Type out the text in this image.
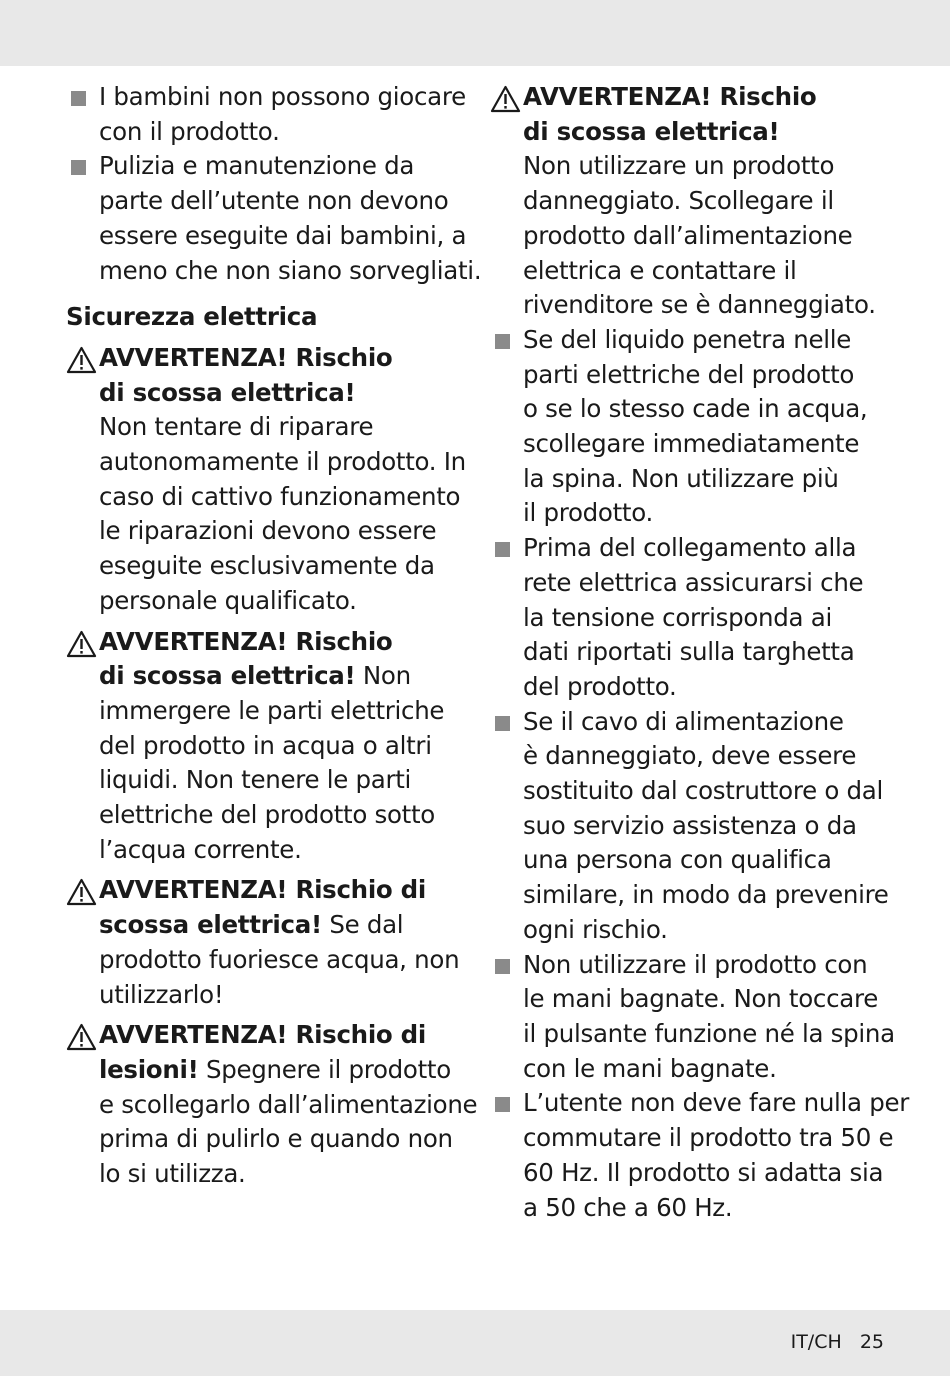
I bambini non possono giocare
con il prodotto.
Pulizia e manutenzione da
parte dell’utente non devono
essere eseguite dai bambini, a
meno che non siano sorvegliati.
Sicurezza elettrica
AVVERTENZA! Rischio
di scossa elettrica!
Non tentare di riparare
autonomamente il prodotto. In
caso di cattivo funzionamento
le riparazioni devono essere
eseguite esclusivamente da
personale qualificato.
AVVERTENZA! Rischio
di scossa elettrica! Non
immergere le parti elettriche
del prodotto in acqua o altri
liquidi. Non tenere le parti
elettriche del prodotto sotto
l’acqua corrente.
AVVERTENZA! Rischio di
scossa elettrica! Se dal
prodotto fuoriesce acqua, non
utilizzarlo!
AVVERTENZA! Rischio di
lesioni! Spegnere il prodotto
e scollegarlo dall’alimentazione
prima di pulirlo e quando non
lo si utilizza.
AVVERTENZA! Rischio
di scossa elettrica!
Non utilizzare un prodotto
danneggiato. Scollegare il
prodotto dall’alimentazione
elettrica e contattare il
rivenditore se è danneggiato.
Se del liquido penetra nelle
parti elettriche del prodotto
o se lo stesso cade in acqua,
scollegare immediatamente
la spina. Non utilizzare più
il prodotto.
Prima del collegamento alla
rete elettrica assicurarsi che
la tensione corrisponda ai
dati riportati sulla targhetta
del prodotto.
Se il cavo di alimentazione
è danneggiato, deve essere
sostituito dal costruttore o dal
suo servizio assistenza o da
una persona con qualifica
similare, in modo da prevenire
ogni rischio.
Non utilizzare il prodotto con
le mani bagnate. Non toccare
il pulsante funzione né la spina
con le mani bagnate.
L’utente non deve fare nulla per
commutare il prodotto tra 50 e
60 Hz. Il prodotto si adatta sia
a 50 che a 60 Hz.
IT/CH 25
